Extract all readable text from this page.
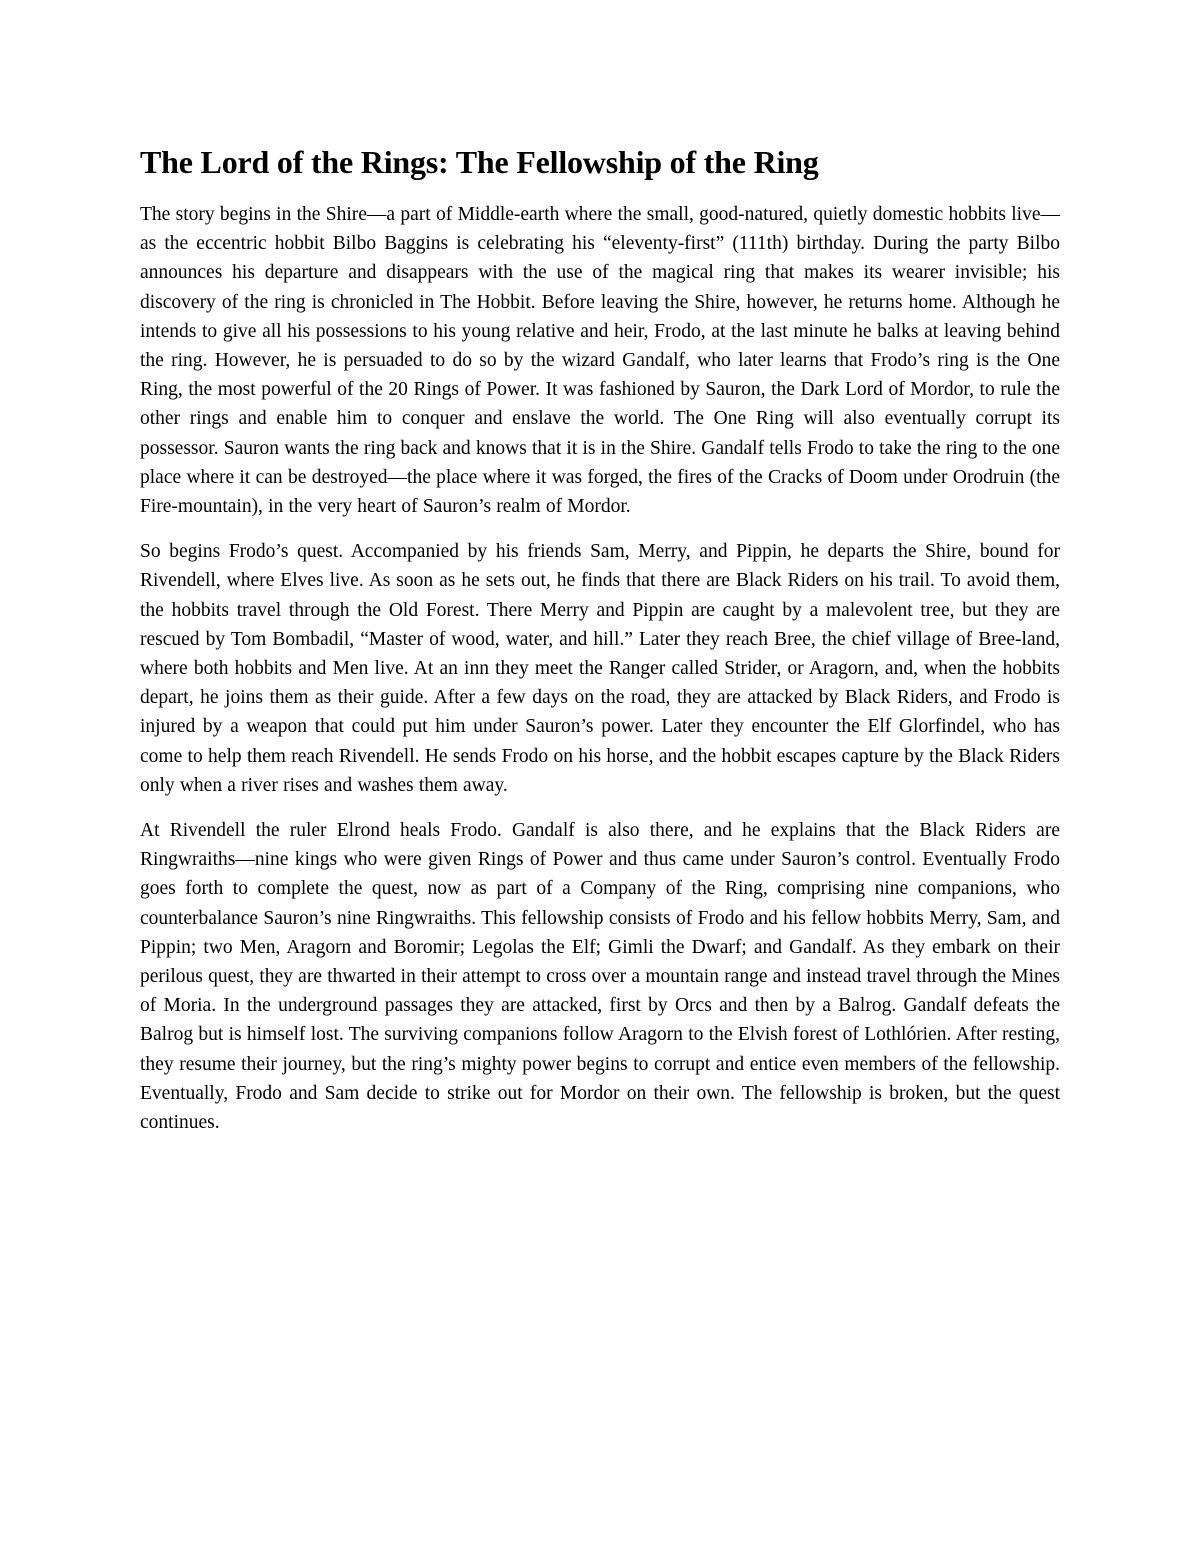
The Lord of the Rings: The Fellowship of the Ring

The story begins in the Shire—a part of Middle-earth where the small, good-natured, quietly domestic hobbits live—as the eccentric hobbit Bilbo Baggins is celebrating his “eleventy-first” (111th) birthday. During the party Bilbo announces his departure and disappears with the use of the magical ring that makes its wearer invisible; his discovery of the ring is chronicled in The Hobbit. Before leaving the Shire, however, he returns home. Although he intends to give all his possessions to his young relative and heir, Frodo, at the last minute he balks at leaving behind the ring. However, he is persuaded to do so by the wizard Gandalf, who later learns that Frodo’s ring is the One Ring, the most powerful of the 20 Rings of Power. It was fashioned by Sauron, the Dark Lord of Mordor, to rule the other rings and enable him to conquer and enslave the world. The One Ring will also eventually corrupt its possessor. Sauron wants the ring back and knows that it is in the Shire. Gandalf tells Frodo to take the ring to the one place where it can be destroyed—the place where it was forged, the fires of the Cracks of Doom under Orodruin (the Fire-mountain), in the very heart of Sauron’s realm of Mordor.

So begins Frodo’s quest. Accompanied by his friends Sam, Merry, and Pippin, he departs the Shire, bound for Rivendell, where Elves live. As soon as he sets out, he finds that there are Black Riders on his trail. To avoid them, the hobbits travel through the Old Forest. There Merry and Pippin are caught by a malevolent tree, but they are rescued by Tom Bombadil, “Master of wood, water, and hill.” Later they reach Bree, the chief village of Bree-land, where both hobbits and Men live. At an inn they meet the Ranger called Strider, or Aragorn, and, when the hobbits depart, he joins them as their guide. After a few days on the road, they are attacked by Black Riders, and Frodo is injured by a weapon that could put him under Sauron’s power. Later they encounter the Elf Glorfindel, who has come to help them reach Rivendell. He sends Frodo on his horse, and the hobbit escapes capture by the Black Riders only when a river rises and washes them away.

At Rivendell the ruler Elrond heals Frodo. Gandalf is also there, and he explains that the Black Riders are Ringwraiths—nine kings who were given Rings of Power and thus came under Sauron’s control. Eventually Frodo goes forth to complete the quest, now as part of a Company of the Ring, comprising nine companions, who counterbalance Sauron’s nine Ringwraiths. This fellowship consists of Frodo and his fellow hobbits Merry, Sam, and Pippin; two Men, Aragorn and Boromir; Legolas the Elf; Gimli the Dwarf; and Gandalf. As they embark on their perilous quest, they are thwarted in their attempt to cross over a mountain range and instead travel through the Mines of Moria. In the underground passages they are attacked, first by Orcs and then by a Balrog. Gandalf defeats the Balrog but is himself lost. The surviving companions follow Aragorn to the Elvish forest of Lothlórien. After resting, they resume their journey, but the ring’s mighty power begins to corrupt and entice even members of the fellowship. Eventually, Frodo and Sam decide to strike out for Mordor on their own. The fellowship is broken, but the quest continues.
